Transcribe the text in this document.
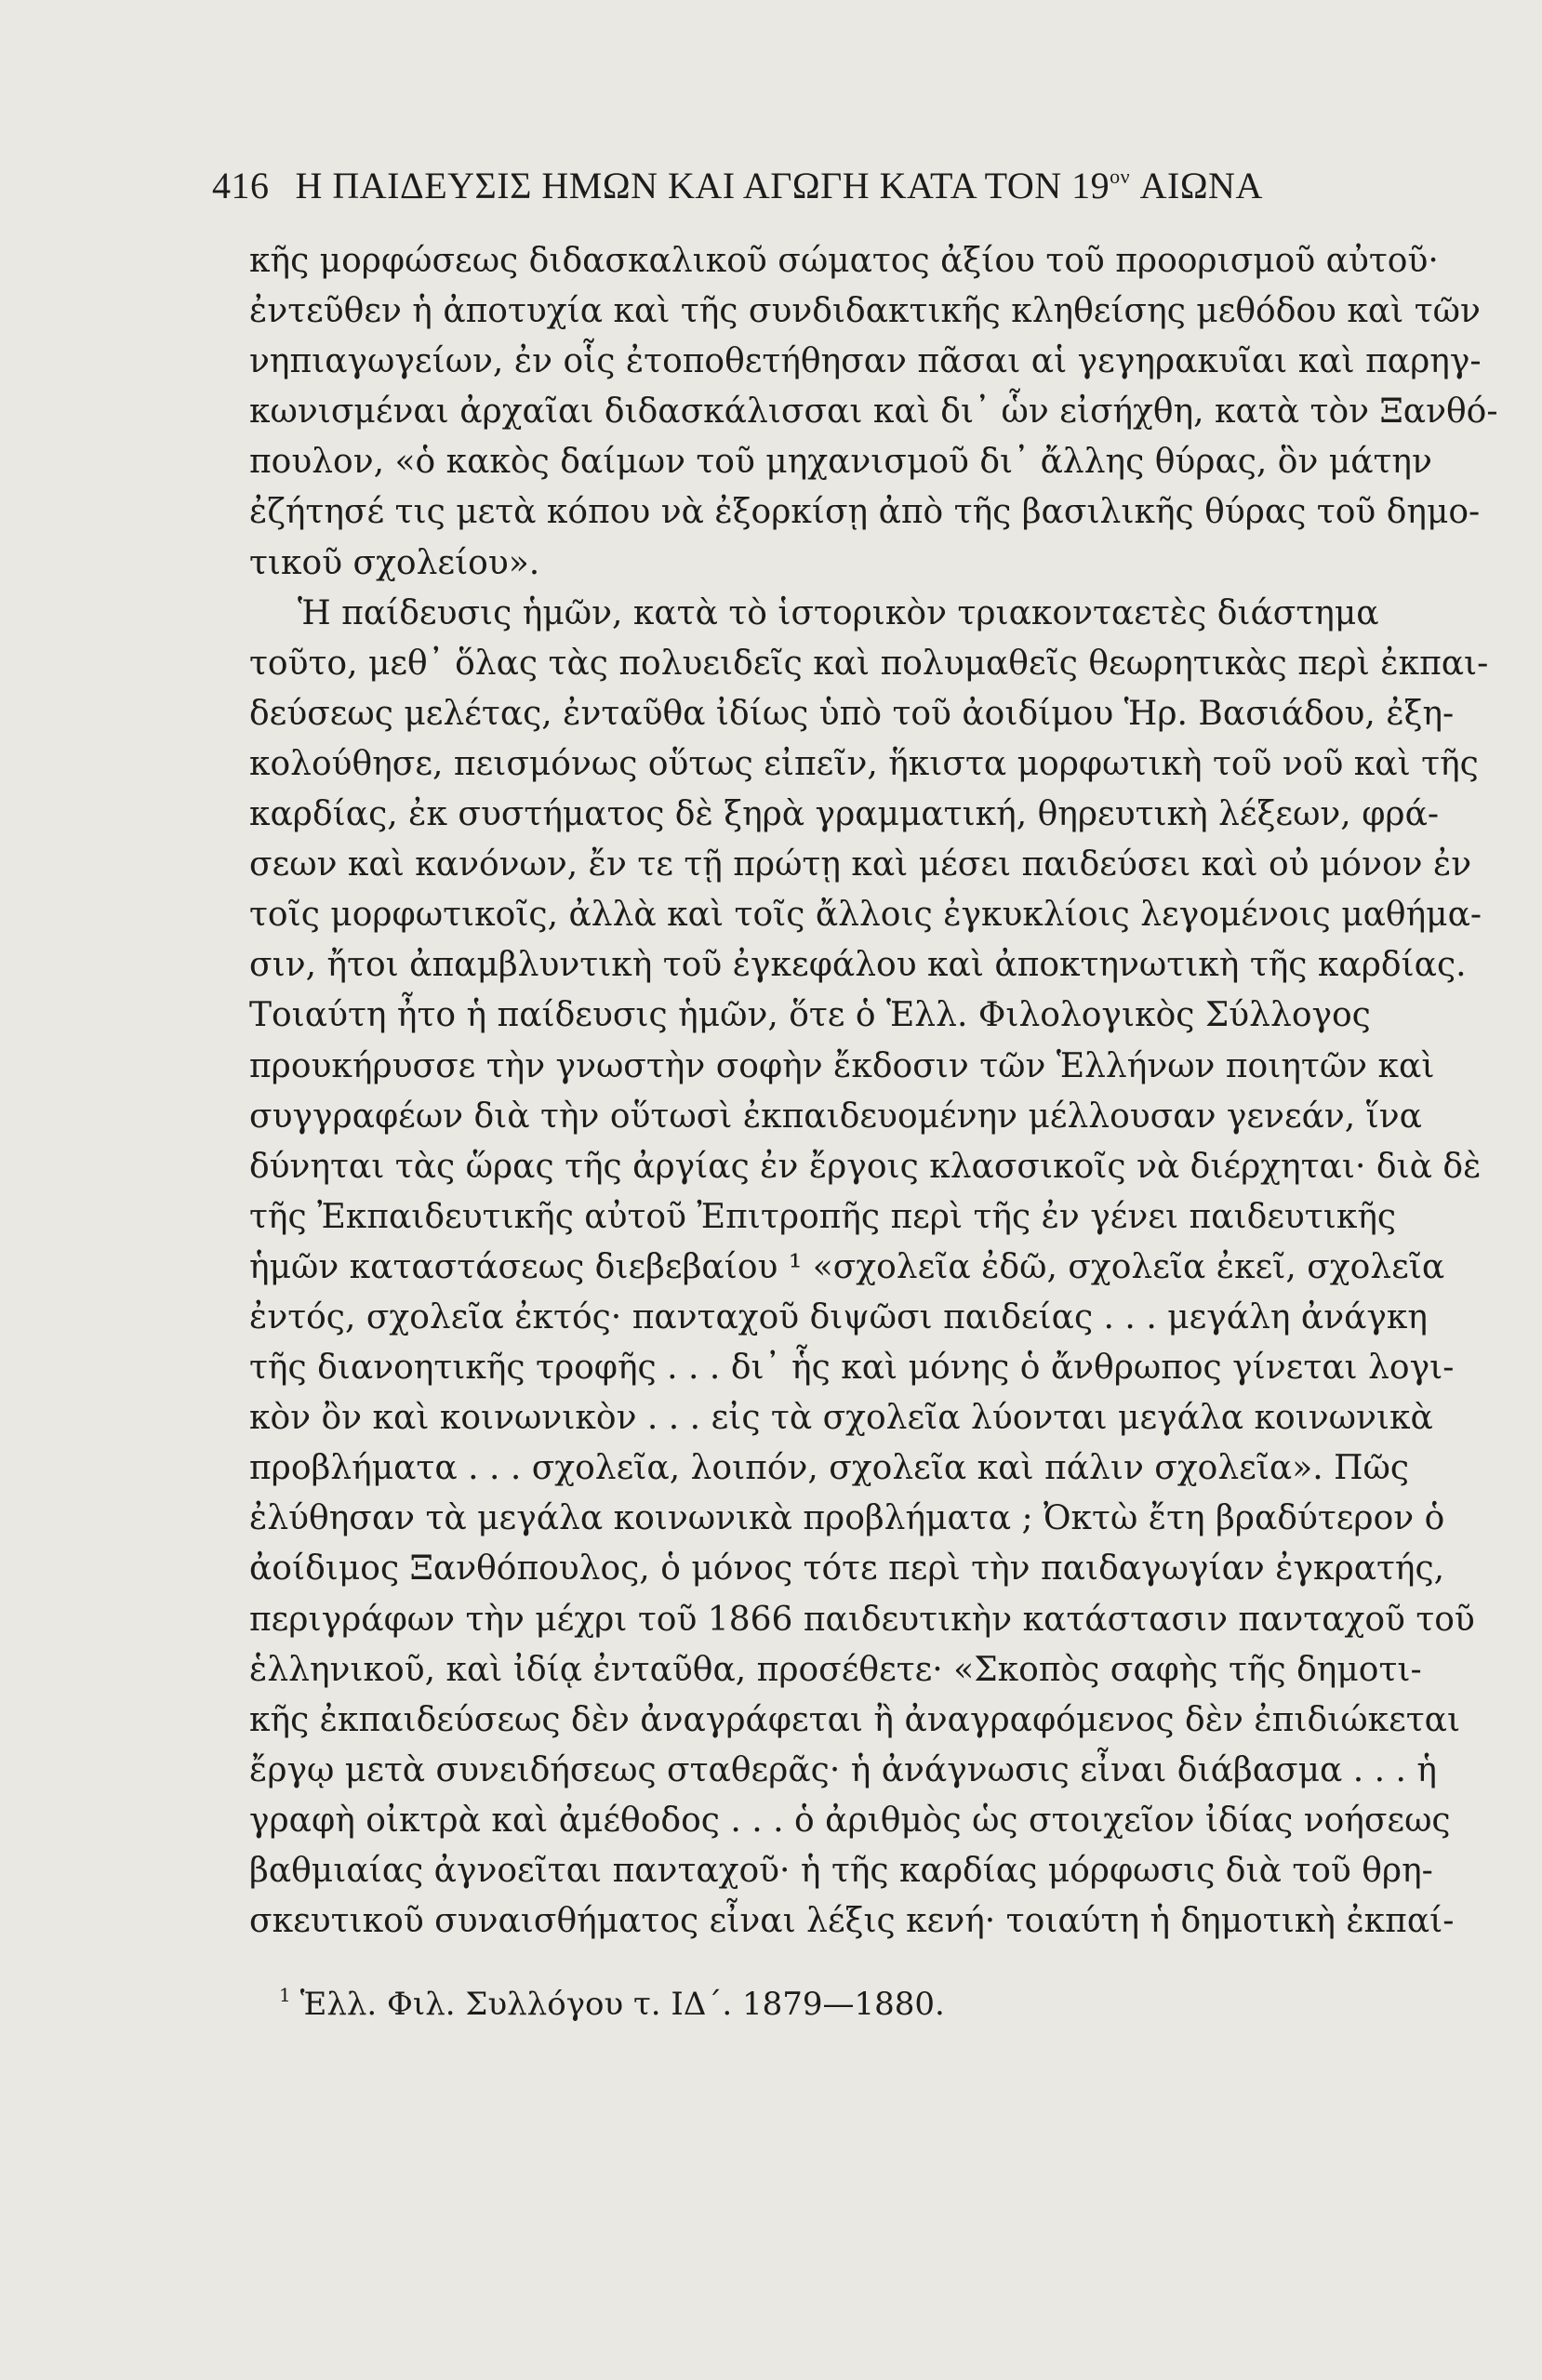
416 Η ΠΑΙΔΕΥΣΙΣ ΗΜΩΝ ΚΑΙ ΑΓΩΓΗ ΚΑΤΑ ΤΟΝ $19^{o\nu}$ ΑΙΩΝΑ
κῆς μορφώσεως διδασκαλικοῦ σώματος ἀξίου τοῦ προορισμοῦ αὐτοῦ·
ἐντεῦθεν ἡ ἀποτυχία καὶ τῆς συνδιδακτικῆς κληθείσης μεθόδου καὶ τῶν
νηπιαγωγείων, ἐν οἷς ἐτοποθετήθησαν πᾶσαι αἱ γεγηρακυῖαι καὶ παρηγ-
κωνισμέναι ἀρχαῖαι διδασκάλισσαι καὶ δι᾽ ὧν εἰσήχθη, κατὰ τὸν Ξανθό-
πουλον, «ὁ κακὸς δαίμων τοῦ μηχανισμοῦ δι᾽ ἄλλης θύρας, ὃν μάτην
ἐζήτησέ τις μετὰ κόπου νὰ ἐξορκίσῃ ἀπὸ τῆς βασιλικῆς θύρας τοῦ δημο-
τικοῦ σχολείου».
Ἡ παίδευσις ἡμῶν, κατὰ τὸ ἱστορικὸν τριακονταετὲς διάστημα
τοῦτο, μεθ᾽ ὅλας τὰς πολυειδεῖς καὶ πολυμαθεῖς θεωρητικὰς περὶ ἐκπαι-
δεύσεως μελέτας, ἐνταῦθα ἰδίως ὑπὸ τοῦ ἀοιδίμου Ἡρ. Βασιάδου, ἐξη-
κολούθησε, πεισμόνως οὕτως εἰπεῖν, ἥκιστα μορφωτικὴ τοῦ νοῦ καὶ τῆς
καρδίας, ἐκ συστήματος δὲ ξηρὰ γραμματική, θηρευτικὴ λέξεων, φρά-
σεων καὶ κανόνων, ἔν τε τῇ πρώτῃ καὶ μέσει παιδεύσει καὶ οὐ μόνον ἐν
τοῖς μορφωτικοῖς, ἀλλὰ καὶ τοῖς ἄλλοις ἐγκυκλίοις λεγομένοις μαθήμα-
σιν, ἤτοι ἀπαμβλυντικὴ τοῦ ἐγκεφάλου καὶ ἀποκτηνωτικὴ τῆς καρδίας.
Τοιαύτη ἦτο ἡ παίδευσις ἡμῶν, ὅτε ὁ Ἑλλ. Φιλολογικὸς Σύλλογος
προυκήρυσσε τὴν γνωστὴν σοφὴν ἔκδοσιν τῶν Ἑλλήνων ποιητῶν καὶ
συγγραφέων διὰ τὴν οὕτωσὶ ἐκπαιδευομένην μέλλουσαν γενεάν, ἵνα
δύνηται τὰς ὥρας τῆς ἀργίας ἐν ἔργοις κλασσικοῖς νὰ διέρχηται· διὰ δὲ
τῆς Ἐκπαιδευτικῆς αὐτοῦ Ἐπιτροπῆς περὶ τῆς ἐν γένει παιδευτικῆς
ἡμῶν καταστάσεως διεβεβαίου ¹ «σχολεῖα ἐδῶ, σχολεῖα ἐκεῖ, σχολεῖα
ἐντός, σχολεῖα ἐκτός· πανταχοῦ διψῶσι παιδείας . . . μεγάλη ἀνάγκη
τῆς διανοητικῆς τροφῆς . . . δι᾽ ἧς καὶ μόνης ὁ ἄνθρωπος γίνεται λογι-
κὸν ὂν καὶ κοινωνικὸν . . . εἰς τὰ σχολεῖα λύονται μεγάλα κοινωνικὰ
προβλήματα . . . σχολεῖα, λοιπόν, σχολεῖα καὶ πάλιν σχολεῖα». Πῶς
ἐλύθησαν τὰ μεγάλα κοινωνικὰ προβλήματα ; Ὀκτὼ ἔτη βραδύτερον ὁ
ἀοίδιμος Ξανθόπουλος, ὁ μόνος τότε περὶ τὴν παιδαγωγίαν ἐγκρατής,
περιγράφων τὴν μέχρι τοῦ 1866 παιδευτικὴν κατάστασιν πανταχοῦ τοῦ
ἑλληνικοῦ, καὶ ἰδίᾳ ἐνταῦθα, προσέθετε· «Σκοπὸς σαφὴς τῆς δημοτι-
κῆς ἐκπαιδεύσεως δὲν ἀναγράφεται ἢ ἀναγραφόμενος δὲν ἐπιδιώκεται
ἔργῳ μετὰ συνειδήσεως σταθερᾶς· ἡ ἀνάγνωσις εἶναι διάβασμα . . . ἡ
γραφὴ οἰκτρὰ καὶ ἀμέθοδος . . . ὁ ἀριθμὸς ὡς στοιχεῖον ἰδίας νοήσεως
βαθμιαίας ἀγνοεῖται πανταχοῦ· ἡ τῆς καρδίας μόρφωσις διὰ τοῦ θρη-
σκευτικοῦ συναισθήματος εἶναι λέξις κενή· τοιαύτη ἡ δημοτικὴ ἐκπαί-
$^1$ Ἑλλ. Φιλ. Συλλόγου τ. ΙΔ΄. 1879—1880.
